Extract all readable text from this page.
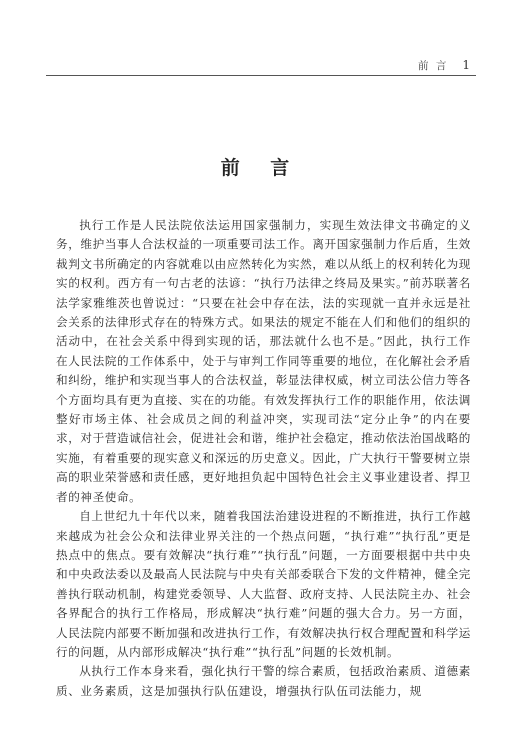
前 言 1
前 言

执行工作是人民法院依法运用国家强制力，实现生效法律文书确定的义务，维护当事人合法权益的一项重要司法工作。离开国家强制力作后盾，生效裁判文书所确定的内容就难以由应然转化为实然，难以从纸上的权利转化为现实的权利。西方有一句古老的法谚：“执行乃法律之终局及果实。”前苏联著名法学家雅维茨也曾说过：“只要在社会中存在法，法的实现就一直并永远是社会关系的法律形式存在的特殊方式。如果法的规定不能在人们和他们的组织的活动中，在社会关系中得到实现的话，那法就什么也不是。”因此，执行工作在人民法院的工作体系中，处于与审判工作同等重要的地位，在化解社会矛盾和纠纷，维护和实现当事人的合法权益，彰显法律权威，树立司法公信力等各个方面均具有更为直接、实在的功能。有效发挥执行工作的职能作用，依法调整好市场主体、社会成员之间的利益冲突，实现司法“定分止争”的内在要求，对于营造诚信社会，促进社会和谐，维护社会稳定，推动依法治国战略的实施，有着重要的现实意义和深远的历史意义。因此，广大执行干警要树立崇高的职业荣誉感和责任感，更好地担负起中国特色社会主义事业建设者、捍卫者的神圣使命。

自上世纪九十年代以来，随着我国法治建设进程的不断推进，执行工作越来越成为社会公众和法律业界关注的一个热点问题，“执行难”“执行乱”更是热点中的焦点。要有效解决“执行难”“执行乱”问题，一方面要根据中共中央和中央政法委以及最高人民法院与中央有关部委联合下发的文件精神，健全完善执行联动机制，构建党委领导、人大监督、政府支持、人民法院主办、社会各界配合的执行工作格局，形成解决“执行难”问题的强大合力。另一方面，人民法院内部要不断加强和改进执行工作，有效解决执行权合理配置和科学运行的问题，从内部形成解决“执行难”“执行乱”问题的长效机制。

从执行工作本身来看，强化执行干警的综合素质，包括政治素质、道德素质、业务素质，这是加强执行队伍建设，增强执行队伍司法能力，规
